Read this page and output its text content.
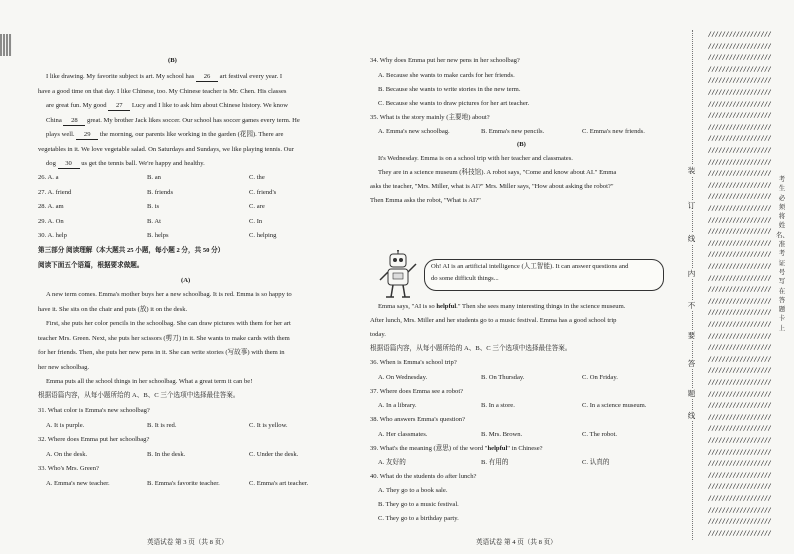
考生必须将姓名、准考证号写在答题卡上
(B)
I like drawing. My favorite subject is art. My school has 26 art festival every year. I
have a good time on that day. I like Chinese, too. My Chinese teacher is Mr. Chen. His classes
are great fun. My good 27 Lucy and I like to ask him about Chinese history. We know
China 28 great. My brother Jack likes soccer. Our school has soccer games every term. He
plays well. 29 the morning, our parents like working in the garden (花园). There are
vegetables in it. We love vegetable salad. On Saturdays and Sundays, we like playing tennis. Our
dog 30 us get the tennis ball. We're happy and healthy.
26. A. a	B. an	C. the
27. A. friend	B. friends	C. friend's
28. A. am	B. is	C. are
29. A. On	B. At	C. In
30. A. help	B. helps	C. helping
第三部分 阅读理解（本大题共 25 小题，每小题 2 分，共 50 分）
阅读下面五个语篇，根据要求做题。
(A)
A new term comes. Emma's mother buys her a new schoolbag. It is red. Emma is so happy to
have it. She sits on the chair and puts (放) it on the desk.
First, she puts her color pencils in the schoolbag. She can draw pictures with them for her art
teacher Mrs. Green. Next, she puts her scissors (剪刀) in it. She wants to make cards with them
for her friends. Then, she puts her new pens in it. She can write stories (写故事) with them in
her new schoolbag.
Emma puts all the school things in her schoolbag. What a great term it can be!
根据语篇内容，从每小题所给的 A、B、C 三个选项中选择最佳答案。
31. What color is Emma's new schoolbag?
A. It is purple.	B. It is red.	C. It is yellow.
32. Where does Emma put her schoolbag?
A. On the desk.	B. In the desk.	C. Under the desk.
33. Who's Mrs. Green?
A. Emma's new teacher.	B. Emma's favorite teacher.	C. Emma's art teacher.
英语试卷 第 3 页（共 8 页）
34. Why does Emma put her new pens in her schoolbag?
A. Because she wants to make cards for her friends.
B. Because she wants to write stories in the new term.
C. Because she wants to draw pictures for her art teacher.
35. What is the story mainly (主要地) about?
A. Emma's new schoolbag.	B. Emma's new pencils.	C. Emma's new friends.
(B)
It's Wednesday. Emma is on a school trip with her teacher and classmates.
They are in a science museum (科技馆). A robot says, "Come and know about AI." Emma
asks the teacher, "Mrs. Miller, what is AI?" Mrs. Miller says, "How about asking the robot?"
Then Emma asks the robot, "What is AI?"
Oh! AI is an artificial intelligence (人工智能). It can answer questions and
do some difficult things...
Emma says, "AI is so helpful." Then she sees many interesting things in the science museum.
After lunch, Mrs. Miller and her students go to a music festival. Emma has a good school trip
today.
根据语篇内容，从每小题所给的 A、B、C 三个选项中选择最佳答案。
36. When is Emma's school trip?
A. On Wednesday.	B. On Thursday.	C. On Friday.
37. Where does Emma see a robot?
A. In a library.	B. In a store.	C. In a science museum.
38. Who answers Emma's question?
A. Her classmates.	B. Mrs. Brown.	C. The robot.
39. What's the meaning (意思) of the word "helpful" in Chinese?
A. 友好的	B. 有用的	C. 认真的
40. What do the students do after lunch?
A. They go to a book sale.
B. They go to a music festival.
C. They go to a birthday party.
英语试卷 第 4 页（共 8 页）
//////////////////
//////////////////
//////////////////
//////////////////
//////////////////
//////////////////
//////////////////
//////////////////
//////////////////
//////////////////
//////////////////
//////////////////
//////////////////
//////////////////
//////////////////
//////////////////
//////////////////
//////////////////
//////////////////
//////////////////
//////////////////
//////////////////
//////////////////
//////////////////
//////////////////
//////////////////
//////////////////
//////////////////
//////////////////
//////////////////
//////////////////
//////////////////
//////////////////
//////////////////
//////////////////
//////////////////
//////////////////
//////////////////
//////////////////
//////////////////
//////////////////
//////////////////
//////////////////
//////////////////
装
订
线
内
不
要
答
题
线
